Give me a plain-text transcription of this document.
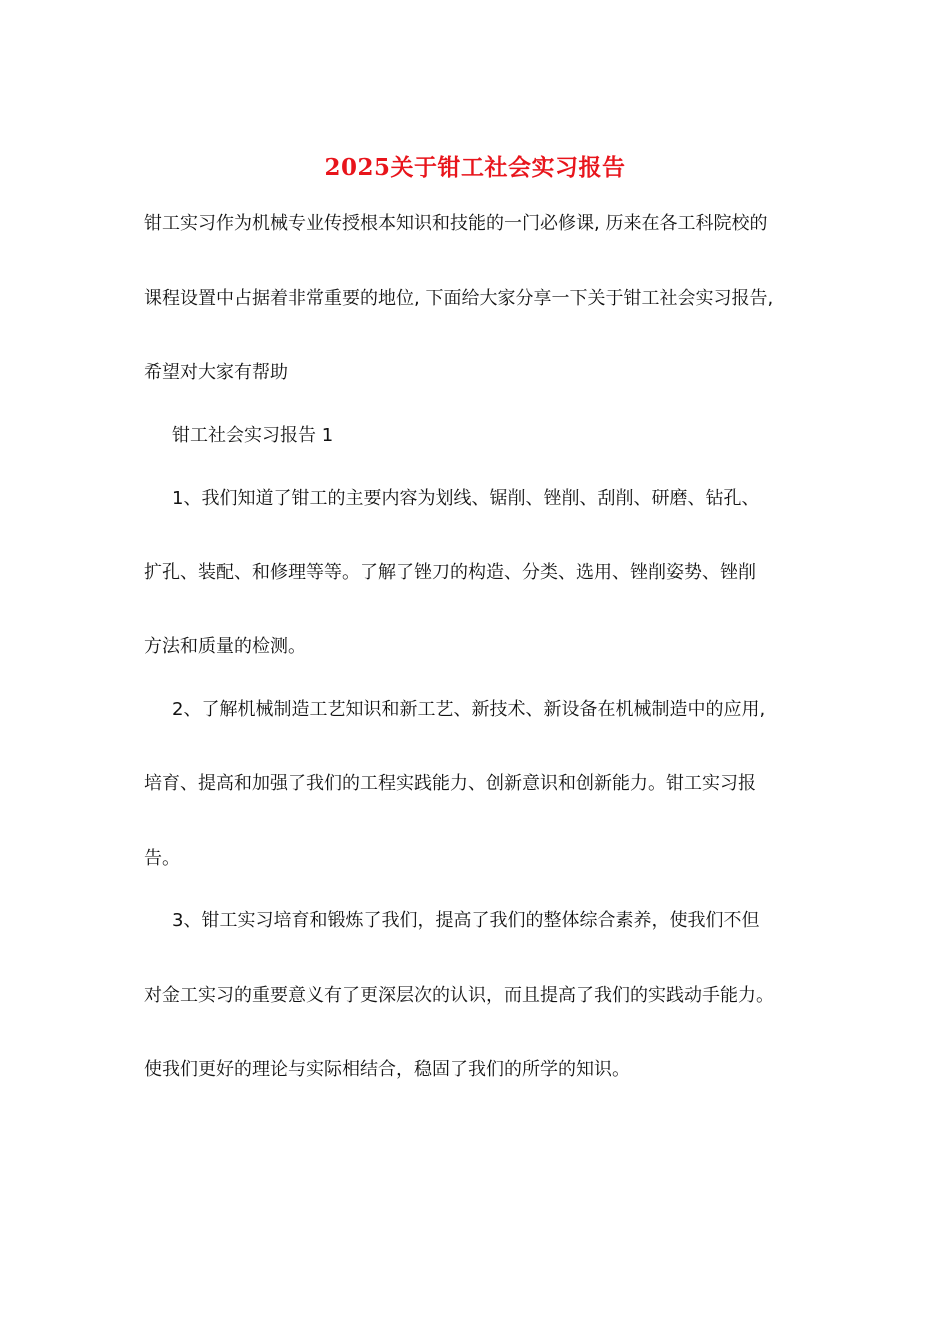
2025关于钳工社会实习报告
钳工实习作为机械专业传授根本知识和技能的一门必修课, 历来在各工科院校的
课程设置中占据着非常重要的地位, 下面给大家分享一下关于钳工社会实习报告,
希望对大家有帮助
钳工社会实习报告 1
1、我们知道了钳工的主要内容为划线、锯削、锉削、刮削、研磨、钻孔、
扩孔、装配、和修理等等。了解了锉刀的构造、分类、选用、锉削姿势、锉削
方法和质量的检测。
2、了解机械制造工艺知识和新工艺、新技术、新设备在机械制造中的应用,
培育、提高和加强了我们的工程实践能力、创新意识和创新能力。钳工实习报
告。
3、钳工实习培育和锻炼了我们，提高了我们的整体综合素养，使我们不但
对金工实习的重要意义有了更深层次的认识，而且提高了我们的实践动手能力。
使我们更好的理论与实际相结合，稳固了我们的所学的知识。
